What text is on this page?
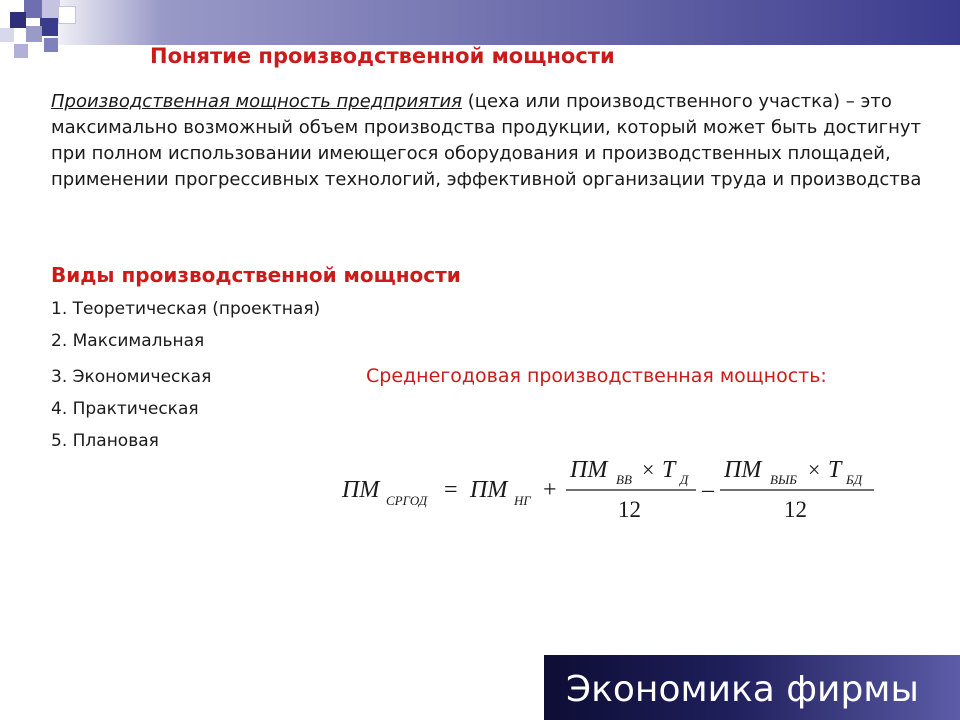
Понятие производственной мощности
Производственная мощность предприятия (цеха или производственного участка) – это максимально возможный объем производства продукции, который может быть достигнут при полном использовании имеющегося оборудования и производственных площадей, применении прогрессивных технологий, эффективной организации труда и производства
Виды производственной мощности
1. Теоретическая (проектная)
2. Максимальная
3. Экономическая
4. Практическая
5. Плановая
Среднегодовая производственная мощность:
ПМ СРГОД = ПМ НГ +
ПМ ВВ × Т Д
12
–
ПМ ВЫБ × Т БД
12
Экономика фирмы
